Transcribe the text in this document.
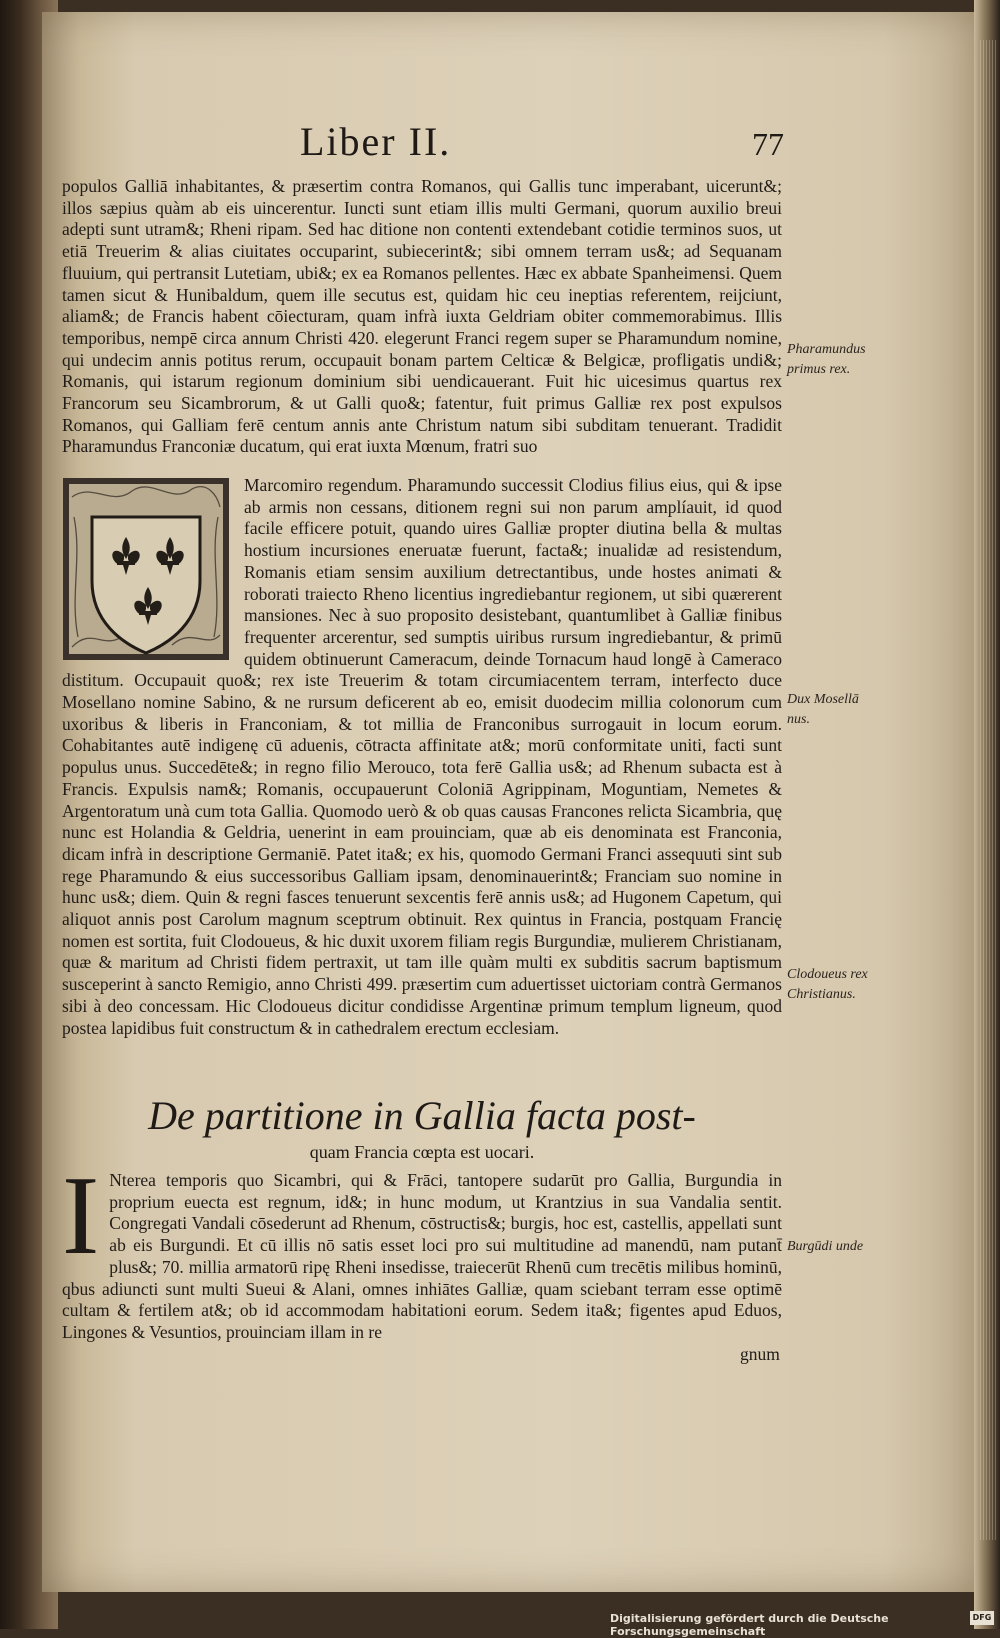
Liber II.	77

populos Galliā inhabitantes, & præsertim contra Romanos, qui Gallis tunc imperabant, uicerunt&; illos sæpius quàm ab eis uincerentur. Iuncti sunt etiam illis multi Germani, quorum auxilio breui adepti sunt utram&; Rheni ripam. Sed hac ditione non contenti extendebant cotidie terminos suos, ut etiā Treuerim & alias ciuitates occuparint, subiecerint&; sibi omnem terram us&; ad Sequanam fluuium, qui pertransit Lutetiam, ubi&; ex ea Romanos pellentes. Hæc ex abbate Spanheimensi. Quem tamen sicut & Hunibaldum, quem ille secutus est, quidam hic ceu ineptias referentem, reijciunt, aliam&; de Francis habent cōiecturam, quam infrà iuxta Geldriam obiter commemorabimus. Illis temporibus, nempē circa annum Christi 420. elegerunt Franci regem super se Pharamundum nomine, qui undecim annis potitus rerum, occupauit bonam partem Celticæ & Belgicæ, profligatis undi&; Romanis, qui istarum regionum dominium sibi uendicauerant. Fuit hic uicesimus quartus rex Francorum seu Sicambrorum, & ut Galli quo&; fatentur, fuit primus Galliæ rex post expulsos Romanos, qui Galliam ferē centum annis ante Christum natum sibi subditam tenuerant. Tradidit Pharamundus Franconiæ ducatum, qui erat iuxta Mœnum, fratri suo

Marcomiro regendum. Pharamundo successit Clodius filius eius, qui & ipse ab armis non cessans, ditionem regni sui non parum amplíauit, id quod facile efficere potuit, quando uires Galliæ propter diutina bella & multas hostium incursiones eneruatæ fuerunt, facta&; inualidæ ad resistendum, Romanis etiam sensim auxilium detrectantibus, unde hostes animati & roborati traiecto Rheno licentius ingrediebantur regionem, ut sibi quærerent mansiones. Nec à suo proposito desistebant, quantumlibet à Galliæ finibus frequenter arcerentur, sed sumptis uiribus rursum ingrediebantur, & primū quidem obtinuerunt Cameracum, deinde Tornacum haud longē à Cameraco distitum. Occupauit quo&; rex iste Treuerim & totam circumiacentem terram, interfecto duce Mosellano nomine Sabino, & ne rursum deficerent ab eo, emisit duodecim millia colonorum cum uxoribus & liberis in Franconiam, & tot millia de Franconibus surrogauit in locum eorum. Cohabitantes autē indigenę cū aduenis, cōtracta affinitate at&; morū conformitate uniti, facti sunt populus unus. Succedēte&; in regno filio Merouco, tota ferē Gallia us&; ad Rhenum subacta est à Francis. Expulsis nam&; Romanis, occupauerunt Coloniā Agrippinam, Moguntiam, Nemetes & Argentoratum unà cum tota Gallia. Quomodo uerò & ob quas causas Francones relicta Sicambria, quę nunc est Holandia & Geldria, uenerint in eam prouinciam, quæ ab eis denominata est Franconia, dicam infrà in descriptione Germaniē. Patet ita&; ex his, quomodo Germani Franci assequuti sint sub rege Pharamundo & eius successoribus Galliam ipsam, denominauerint&; Franciam suo nomine in hunc us&; diem. Quin & regni fasces tenuerunt sexcentis ferē annis us&; ad Hugonem Capetum, qui aliquot annis post Carolum magnum sceptrum obtinuit. Rex quintus in Francia, postquam Francię nomen est sortita, fuit Clodoueus, & hic duxit uxorem filiam regis Burgundiæ, mulierem Christianam, quæ & maritum ad Christi fidem pertraxit, ut tam ille quàm multi ex subditis sacrum baptismum susceperint à sancto Remigio, anno Christi 499. præsertim cum aduertisset uictoriam contrà Germanos sibi à deo concessam. Hic Clodoueus dicitur condidisse Argentinæ primum templum ligneum, quod postea lapidibus fuit constructum & in cathedralem erectum ecclesiam.

De partitione in Gallia facta post-
quam Francia cœpta est uocari.
I Nterea temporis quo Sicambri, qui & Frāci, tantopere sudarūt pro Gallia, Burgundia in proprium euecta est regnum, id&; in hunc modum, ut Krantzius in sua Vandalia sentit. Congregati Vandali cōsederunt ad Rhenum, cōstructis&; burgis, hoc est, castellis, appellati sunt ab eis Burgundi. Et cū illis nō satis esset loci pro sui multitudine ad manendū, nam putant̄ plus&; 70. millia armatorū ripę Rheni insedisse, traiecerūt Rhenū cum trecētis milibus hominū, qbus adiuncti sunt multi Sueui & Alani, omnes inhiātes Galliæ, quam sciebant terram esse optimē cultam & fertilem at&; ob id accommodam habitationi eorum. Sedem ita&; figentes apud Eduos, Lingones & Vesuntios, prouinciam illam in re

gnum
Pharamundus
primus rex.
Dux Mosellā
nus.
Clodoueus rex
Christianus.
Burgūdi unde
Digitalisierung gefördert durch die Deutsche Forschungsgemeinschaft
DFG
